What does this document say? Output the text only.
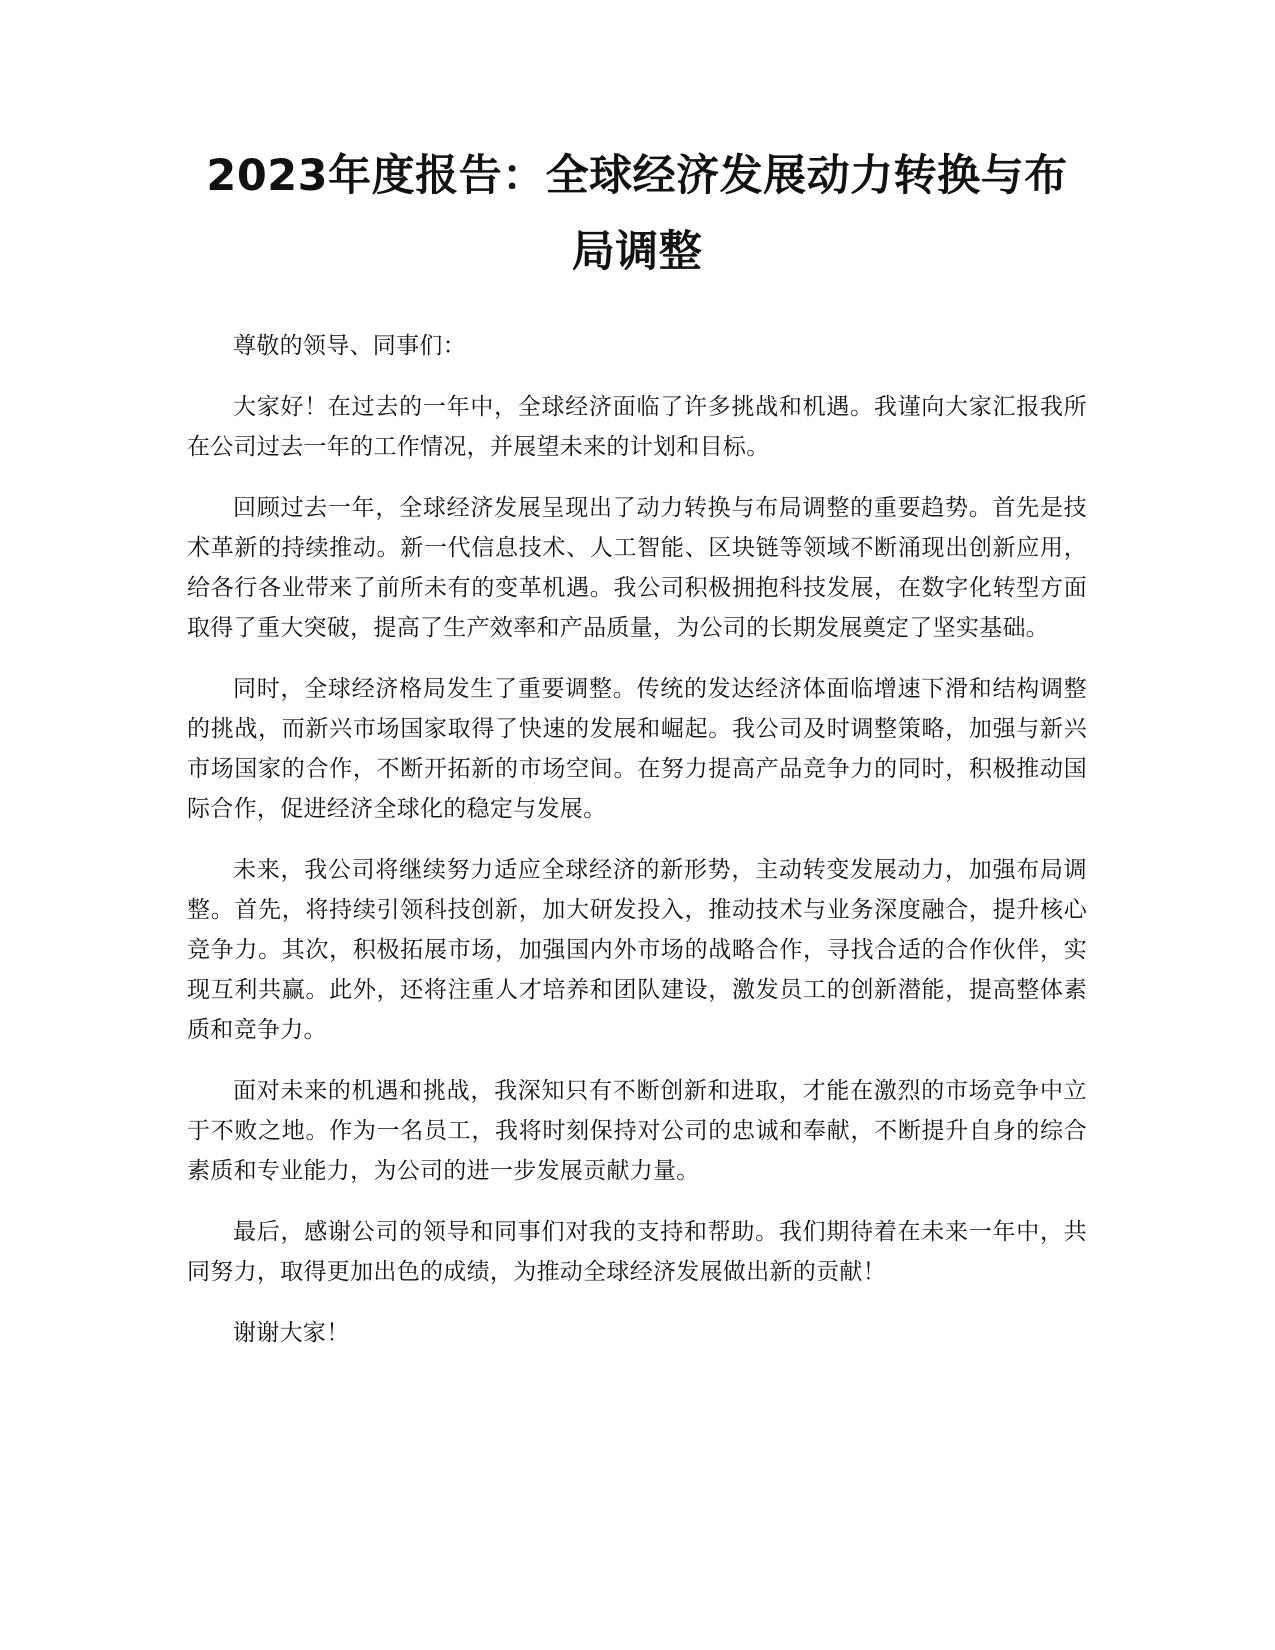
2023年度报告：全球经济发展动力转换与布局调整

尊敬的领导、同事们：

大家好！在过去的一年中，全球经济面临了许多挑战和机遇。我谨向大家汇报我所在公司过去一年的工作情况，并展望未来的计划和目标。

回顾过去一年，全球经济发展呈现出了动力转换与布局调整的重要趋势。首先是技术革新的持续推动。新一代信息技术、人工智能、区块链等领域不断涌现出创新应用，给各行各业带来了前所未有的变革机遇。我公司积极拥抱科技发展，在数字化转型方面取得了重大突破，提高了生产效率和产品质量，为公司的长期发展奠定了坚实基础。

同时，全球经济格局发生了重要调整。传统的发达经济体面临增速下滑和结构调整的挑战，而新兴市场国家取得了快速的发展和崛起。我公司及时调整策略，加强与新兴市场国家的合作，不断开拓新的市场空间。在努力提高产品竞争力的同时，积极推动国际合作，促进经济全球化的稳定与发展。

未来，我公司将继续努力适应全球经济的新形势，主动转变发展动力，加强布局调整。首先，将持续引领科技创新，加大研发投入，推动技术与业务深度融合，提升核心竞争力。其次，积极拓展市场，加强国内外市场的战略合作，寻找合适的合作伙伴，实现互利共赢。此外，还将注重人才培养和团队建设，激发员工的创新潜能，提高整体素质和竞争力。

面对未来的机遇和挑战，我深知只有不断创新和进取，才能在激烈的市场竞争中立于不败之地。作为一名员工，我将时刻保持对公司的忠诚和奉献，不断提升自身的综合素质和专业能力，为公司的进一步发展贡献力量。

最后，感谢公司的领导和同事们对我的支持和帮助。我们期待着在未来一年中，共同努力，取得更加出色的成绩，为推动全球经济发展做出新的贡献！

谢谢大家！
